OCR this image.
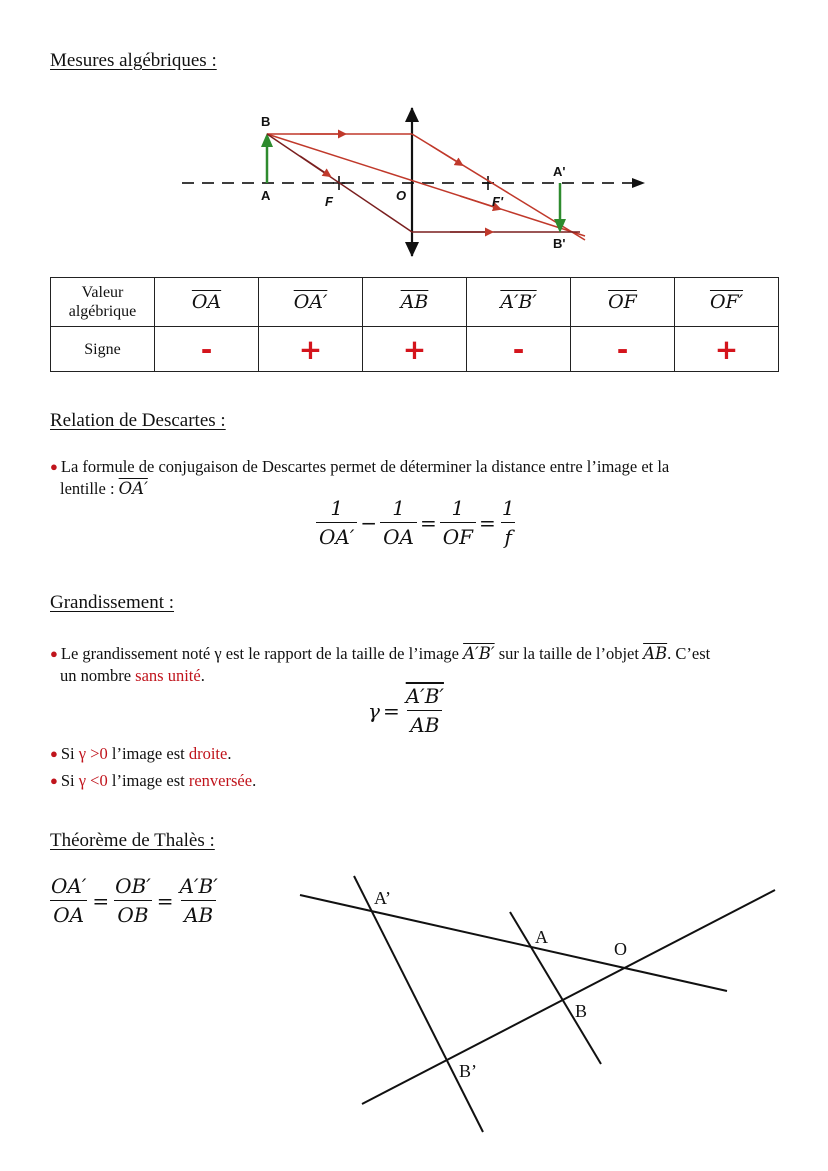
Mesures algébriques :
B
A	F	O	F'
A'
B'
Valeur algébrique	$\overline{OA}$	OA′	$\overline{AB}$	A′B′	$\overline{OF}$	OF′
Signe	-	+	+	-	-	+
Relation de Descartes :
● La formule de conjugaison de Descartes permet de déterminer la distance entre l’image et la
lentille : OA′
$\frac{1}{OA'} - \frac{1}{OA} = \frac{1}{OF} = \frac{1}{f}$
Grandissement :
● Le grandissement noté γ est le rapport de la taille de l’image A′B′ sur la taille de l’objet $\overline{AB}$. C’est
un nombre sans unité.
$\gamma = \frac{A'B'}{AB}$
● Si γ >0 l’image est droite.
● Si γ <0 l’image est renversée.
Théorème de Thalès :
$\frac{OA'}{OA} = \frac{OB'}{OB} = \frac{A'B'}{AB}$	A’
A
O
B
B’
